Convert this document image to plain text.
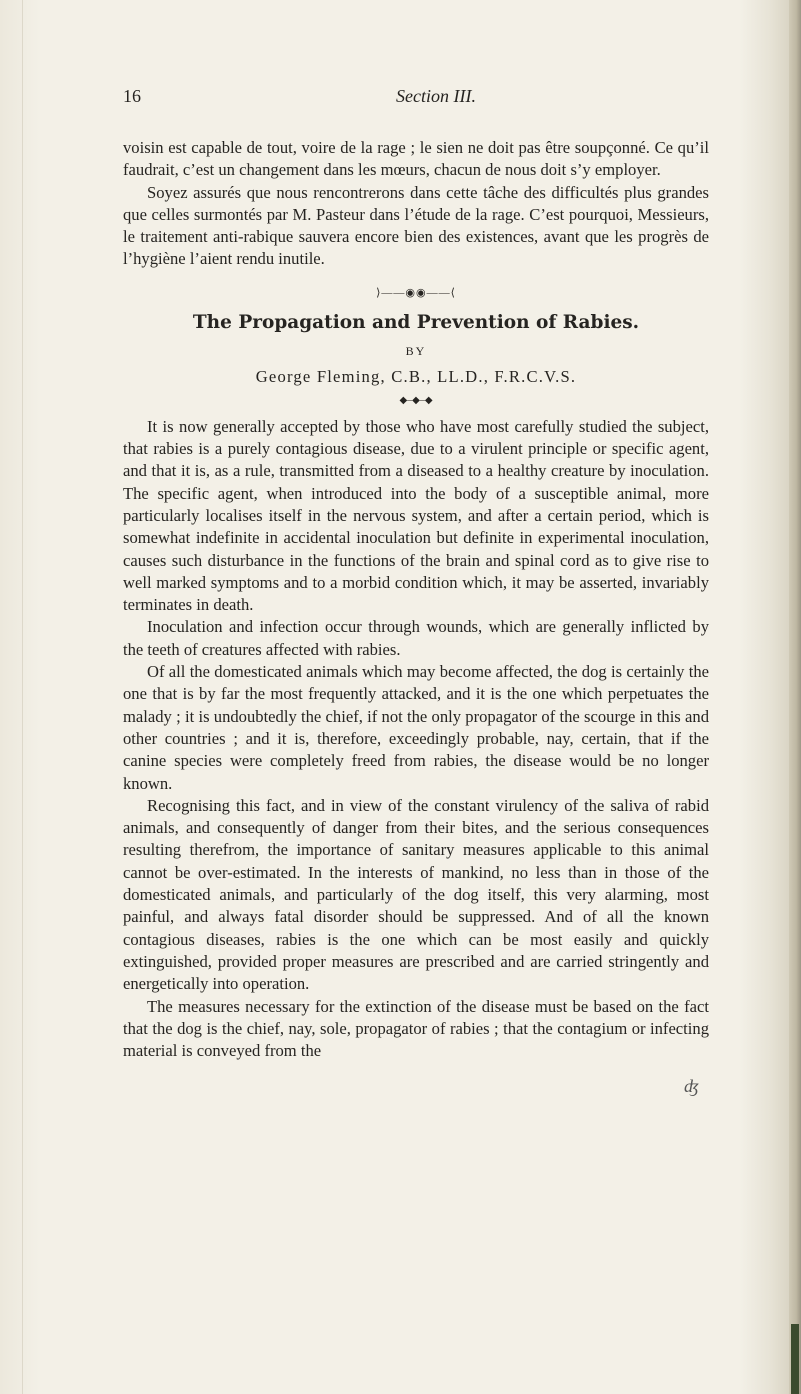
16	Section III.

voisin est capable de tout, voire de la rage ; le sien ne doit pas être soupçonné. Ce qu’il faudrait, c’est un changement dans les mœurs, chacun de nous doit s’y employer.

Soyez assurés que nous rencontrerons dans cette tâche des difficultés plus grandes que celles surmontés par M. Pasteur dans l’étude de la rage. C’est pourquoi, Messieurs, le traitement anti-rabique sauvera encore bien des existences, avant que les progrès de l’hygiène l’aient rendu inutile.

⟩——◉◉——⟨
The Propagation and Prevention of Rabies.
BY
George Fleming, C.B., LL.D., F.R.C.V.S.
◆–◆–◆

It is now generally accepted by those who have most carefully studied the subject, that rabies is a purely contagious disease, due to a virulent principle or specific agent, and that it is, as a rule, transmitted from a diseased to a healthy creature by inoculation. The specific agent, when introduced into the body of a susceptible animal, more particularly localises itself in the nervous system, and after a certain period, which is somewhat indefinite in accidental inoculation but definite in experimental inoculation, causes such disturbance in the functions of the brain and spinal cord as to give rise to well marked symptoms and to a morbid condition which, it may be asserted, invariably terminates in death.

Inoculation and infection occur through wounds, which are generally inflicted by the teeth of creatures affected with rabies.

Of all the domesticated animals which may become affected, the dog is certainly the one that is by far the most frequently attacked, and it is the one which perpetuates the malady ; it is undoubtedly the chief, if not the only propagator of the scourge in this and other countries ; and it is, therefore, exceedingly probable, nay, certain, that if the canine species were completely freed from rabies, the disease would be no longer known.

Recognising this fact, and in view of the constant virulency of the saliva of rabid animals, and consequently of danger from their bites, and the serious consequences resulting therefrom, the importance of sanitary measures applicable to this animal cannot be over-estimated. In the interests of mankind, no less than in those of the domesticated animals, and particularly of the dog itself, this very alarming, most painful, and always fatal disorder should be suppressed. And of all the known contagious diseases, rabies is the one which can be most easily and quickly extinguished, provided proper measures are prescribed and are carried stringently and energetically into operation.

The measures necessary for the extinction of the disease must be based on the fact that the dog is the chief, nay, sole, propagator of rabies ; that the contagium or infecting material is conveyed from the

ʤ
